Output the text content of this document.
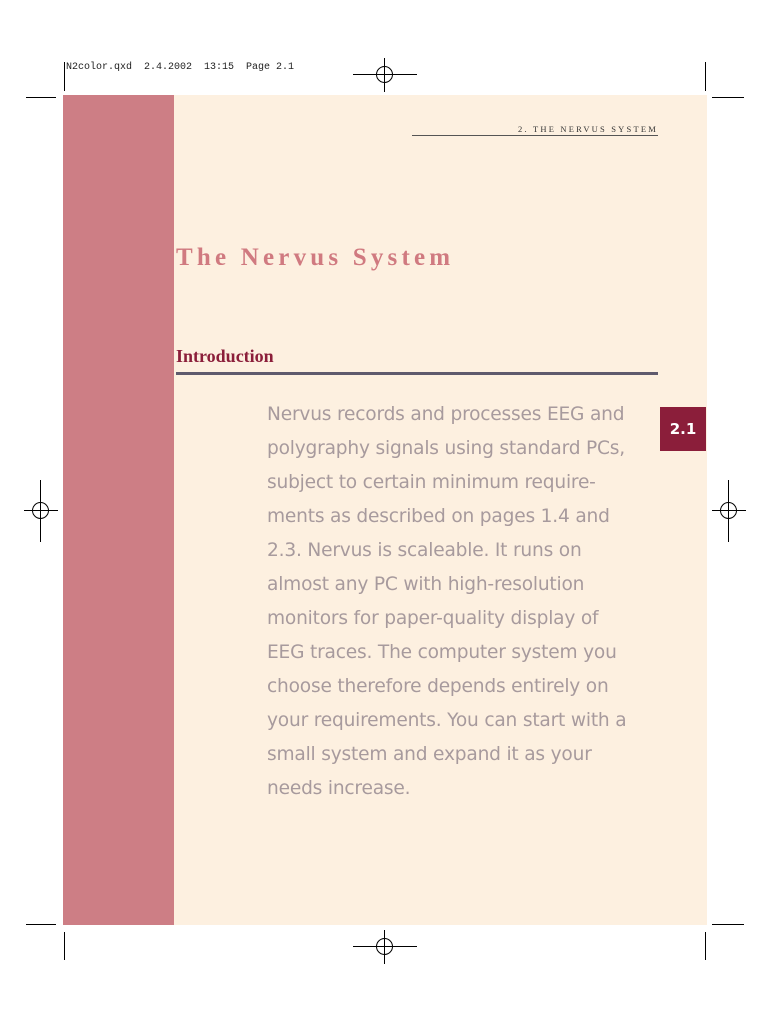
N2color.qxd  2.4.2002  13:15  Page 2.1
2. THE NERVUS SYSTEM
The Nervus System
Introduction

Nervus records and processes EEG and
polygraphy signals using standard PCs,
subject to certain minimum require-
ments as described on pages 1.4 and
2.3. Nervus is scaleable. It runs on
almost any PC with high-resolution
monitors for paper-quality display of
EEG traces. The computer system you
choose therefore depends entirely on
your requirements. You can start with a
small system and expand it as your
needs increase.

2.1
